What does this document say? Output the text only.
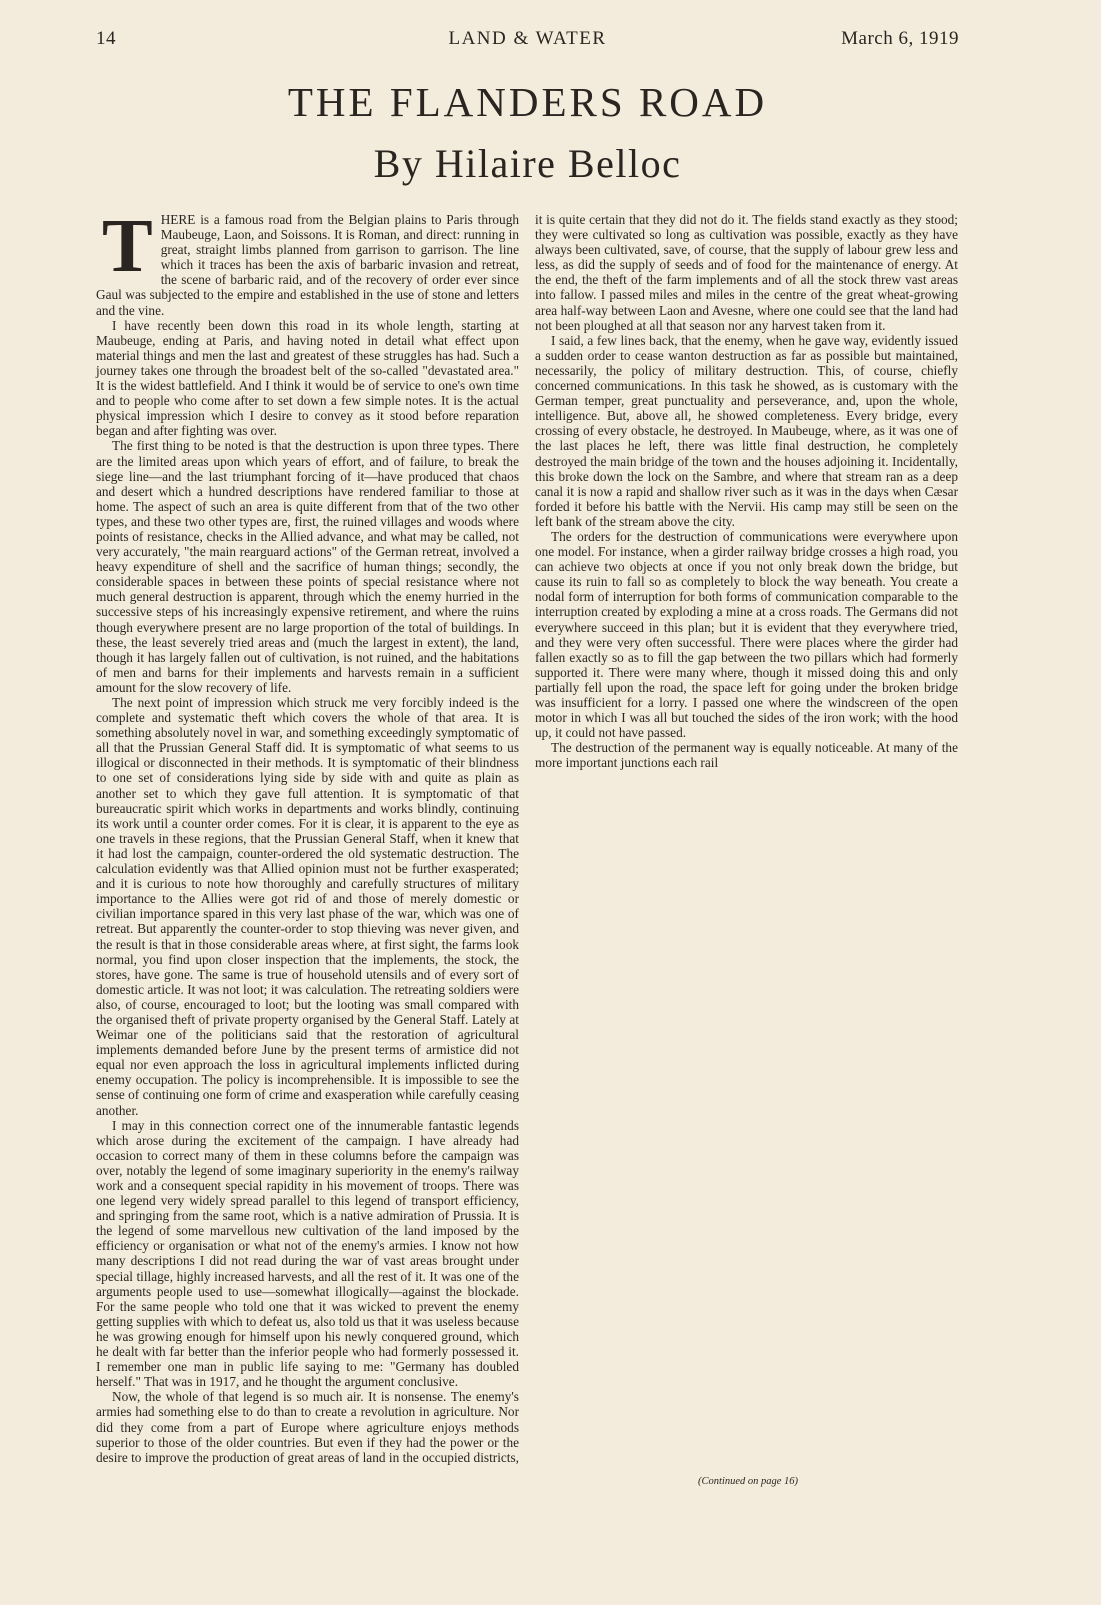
14	LAND & WATER	March 6, 1919
THE FLANDERS ROAD
By Hilaire Belloc

THERE is a famous road from the Belgian plains to Paris through Maubeuge, Laon, and Soissons. It is Roman, and direct: running in great, straight limbs planned from garrison to garrison. The line which it traces has been the axis of barbaric invasion and retreat, the scene of barbaric raid, and of the recovery of order ever since Gaul was subjected to the empire and established in the use of stone and letters and the vine.

I have recently been down this road in its whole length, starting at Maubeuge, ending at Paris, and having noted in detail what effect upon material things and men the last and greatest of these struggles has had. Such a journey takes one through the broadest belt of the so-called "devastated area." It is the widest battlefield. And I think it would be of service to one's own time and to people who come after to set down a few simple notes. It is the actual physical impression which I desire to convey as it stood before reparation began and after fighting was over.

The first thing to be noted is that the destruction is upon three types. There are the limited areas upon which years of effort, and of failure, to break the siege line—and the last triumphant forcing of it—have produced that chaos and desert which a hundred descriptions have rendered familiar to those at home. The aspect of such an area is quite different from that of the two other types, and these two other types are, first, the ruined villages and woods where points of resistance, checks in the Allied advance, and what may be called, not very accurately, "the main rearguard actions" of the German retreat, involved a heavy expenditure of shell and the sacrifice of human things; secondly, the considerable spaces in between these points of special resistance where not much general destruction is apparent, through which the enemy hurried in the successive steps of his increasingly expensive retirement, and where the ruins though everywhere present are no large proportion of the total of buildings. In these, the least severely tried areas and (much the largest in extent), the land, though it has largely fallen out of cultivation, is not ruined, and the habitations of men and barns for their implements and harvests remain in a sufficient amount for the slow recovery of life.

The next point of impression which struck me very forcibly indeed is the complete and systematic theft which covers the whole of that area. It is something absolutely novel in war, and something exceedingly symptomatic of all that the Prussian General Staff did. It is symptomatic of what seems to us illogical or disconnected in their methods. It is symptomatic of their blindness to one set of considerations lying side by side with and quite as plain as another set to which they gave full attention. It is symptomatic of that bureaucratic spirit which works in departments and works blindly, continuing its work until a counter order comes. For it is clear, it is apparent to the eye as one travels in these regions, that the Prussian General Staff, when it knew that it had lost the campaign, counter-ordered the old systematic destruction. The calculation evidently was that Allied opinion must not be further exasperated; and it is curious to note how thoroughly and carefully structures of military importance to the Allies were got rid of and those of merely domestic or civilian importance spared in this very last phase of the war, which was one of retreat. But apparently the counter-order to stop thieving was never given, and the result is that in those considerable areas where, at first sight, the farms look normal, you find upon closer inspection that the implements, the stock, the stores, have gone. The same is true of household utensils and of every sort of domestic article. It was not loot; it was calculation. The retreating soldiers were also, of course, encouraged to loot; but the looting was small compared with the organised theft of private property organised by the General Staff. Lately at Weimar one of the politicians said that the restoration of agricultural implements demanded before June by the present terms of armistice did not equal nor even approach the loss in agricultural implements inflicted during enemy occupation. The policy is incomprehensible. It is impossible to see the sense of continuing one form of crime and exasperation while carefully ceasing another.

I may in this connection correct one of the innumerable fantastic legends which arose during the excitement of the campaign. I have already had occasion to correct many of them in these columns before the campaign was over, notably the legend of some imaginary superiority in the enemy's railway work and a consequent special rapidity in his movement of troops. There was one legend very widely spread parallel to this legend of transport efficiency, and springing from the same root, which is a native admiration of Prussia. It is the legend of some marvellous new cultivation of the land imposed by the efficiency or organisation or what not of the enemy's armies. I know not how many descriptions I did not read during the war of vast areas brought under special tillage, highly increased harvests, and all the rest of it. It was one of the arguments people used to use—somewhat illogically—against the blockade. For the same people who told one that it was wicked to prevent the enemy getting supplies with which to defeat us, also told us that it was useless because he was growing enough for himself upon his newly conquered ground, which he dealt with far better than the inferior people who had formerly possessed it. I remember one man in public life saying to me: "Germany has doubled herself." That was in 1917, and he thought the argument conclusive.

Now, the whole of that legend is so much air. It is nonsense. The enemy's armies had something else to do than to create a revolution in agriculture. Nor did they come from a part of Europe where agriculture enjoys methods superior to those of the older countries. But even if they had the power or the desire to improve the production of great areas of land in the occupied districts, it is quite certain that they did not do it. The fields stand exactly as they stood; they were cultivated so long as cultivation was possible, exactly as they have always been cultivated, save, of course, that the supply of labour grew less and less, as did the supply of seeds and of food for the maintenance of energy. At the end, the theft of the farm implements and of all the stock threw vast areas into fallow. I passed miles and miles in the centre of the great wheat-growing area half-way between Laon and Avesne, where one could see that the land had not been ploughed at all that season nor any harvest taken from it.

I said, a few lines back, that the enemy, when he gave way, evidently issued a sudden order to cease wanton destruction as far as possible but maintained, necessarily, the policy of military destruction. This, of course, chiefly concerned communications. In this task he showed, as is customary with the German temper, great punctuality and perseverance, and, upon the whole, intelligence. But, above all, he showed completeness. Every bridge, every crossing of every obstacle, he destroyed. In Maubeuge, where, as it was one of the last places he left, there was little final destruction, he completely destroyed the main bridge of the town and the houses adjoining it. Incidentally, this broke down the lock on the Sambre, and where that stream ran as a deep canal it is now a rapid and shallow river such as it was in the days when Cæsar forded it before his battle with the Nervii. His camp may still be seen on the left bank of the stream above the city.

The orders for the destruction of communications were everywhere upon one model. For instance, when a girder railway bridge crosses a high road, you can achieve two objects at once if you not only break down the bridge, but cause its ruin to fall so as completely to block the way beneath. You create a nodal form of interruption for both forms of communication comparable to the interruption created by exploding a mine at a cross roads. The Germans did not everywhere succeed in this plan; but it is evident that they everywhere tried, and they were very often successful. There were places where the girder had fallen exactly so as to fill the gap between the two pillars which had formerly supported it. There were many where, though it missed doing this and only partially fell upon the road, the space left for going under the broken bridge was insufficient for a lorry. I passed one where the windscreen of the open motor in which I was all but touched the sides of the iron work; with the hood up, it could not have passed.

The destruction of the permanent way is equally noticeable. At many of the more important junctions each rail

(Continued on page 16)
